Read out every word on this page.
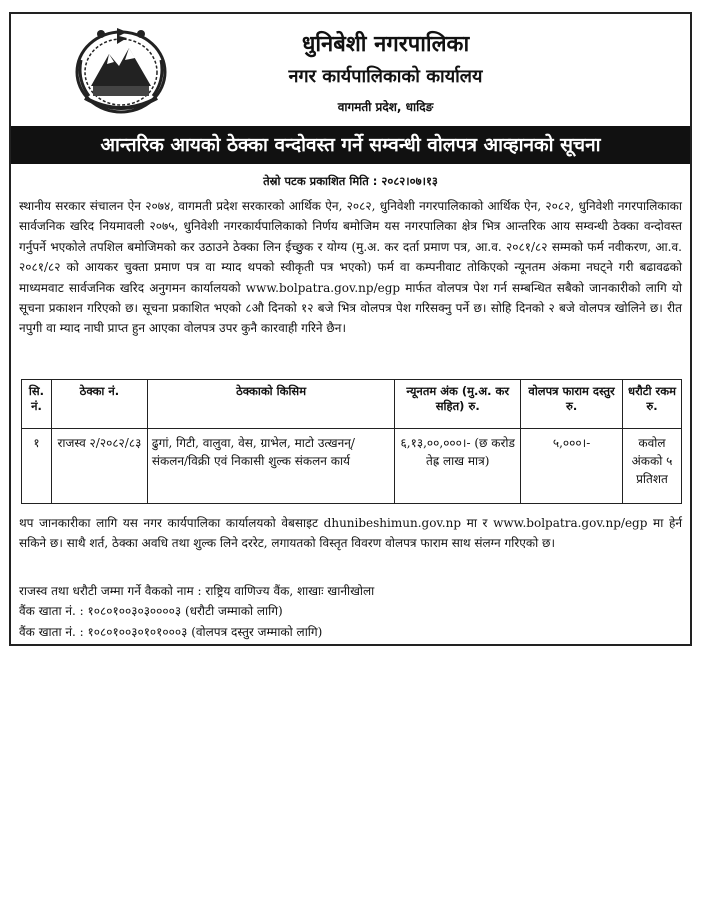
धुनिबेशी नगरपालिका
नगर कार्यपालिकाको कार्यालय
वागमती प्रदेश, धादिङ
आन्तरिक आयको ठेक्का वन्दोवस्त गर्ने सम्वन्धी वोलपत्र आव्हानको सूचना
तेस्रो पटक प्रकाशित मिति : २०८२।०७।१३
स्थानीय सरकार संचालन ऐन २०७४, वागमती प्रदेश सरकारको आर्थिक ऐन, २०८२, धुनिवेशी नगरपालिकाको आर्थिक ऐन, २०८२, धुनिवेशी नगरपालिकाका सार्वजनिक खरिद नियमावली २०७५, धुनिवेशी नगरकार्यपालिकाको निर्णय बमोजिम यस नगरपालिका क्षेत्र भित्र आन्तरिक आय सम्वन्धी ठेक्का वन्दोवस्त गर्नुपर्ने भएकोले तपशिल बमोजिमको कर उठाउने ठेक्का लिन ईच्छुक र योग्य (मु.अ. कर दर्ता प्रमाण पत्र, आ.व. २०८१/८२ सम्मको फर्म नवीकरण, आ.व. २०८१/८२ को आयकर चुक्ता प्रमाण पत्र वा म्याद थपको स्वीकृती पत्र भएको) फर्म वा कम्पनीवाट तोकिएको न्यूनतम अंकमा नघट्ने गरी बढावढको माध्यमवाट सार्वजनिक खरिद अनुगमन कार्यालयको www.bolpatra.gov.np/egp मार्फत वोलपत्र पेश गर्न सम्बन्धित सबैको जानकारीको लागि यो सूचना प्रकाशन गरिएको छ। सूचना प्रकाशित भएको ८औ दिनको १२ बजे भित्र वोलपत्र पेश गरिसक्नु पर्ने छ। सोहि दिनको २ बजे वोलपत्र खोलिने छ। रीत नपुगी वा म्याद नाघी प्राप्त हुन आएका वोलपत्र उपर कुनै कारवाही गरिने छैन।
सि. नं.	ठेक्का नं.	ठेक्काको किसिम	न्यूनतम अंक (मु.अ. कर सहित) रु.	वोलपत्र फाराम दस्तुर रु.	धरौटी रकम रु.
१	राजस्व २/२०८२/८३	ढुगां, गिटी, वालुवा, वेस, ग्राभेल, माटो उत्खनन्/संकलन/विक्री एवं निकासी शुल्क संकलन कार्य	६,१३,००,०००।- (छ करोड तेह्र लाख मात्र)	५,०००।-	कवोल अंकको ५ प्रतिशत
थप जानकारीका लागि यस नगर कार्यपालिका कार्यालयको वेबसाइट dhunibeshimun.gov.np मा र www.bolpatra.gov.np/egp मा हेर्न सकिने छ। साथै शर्त, ठेक्का अवधि तथा शुल्क लिने दररेट, लगायतको विस्तृत विवरण वोलपत्र फाराम साथ संलग्न गरिएको छ।
राजस्व तथा धरौटी जम्मा गर्ने वैकको नाम : राष्ट्रिय वाणिज्य वैंक, शाखाः खानीखोला
वैंक खाता नं. : १०८०१००३०३००००३ (धरौटी जम्माको लागि)
वैंक खाता नं. : १०८०१००३०१०१०००३ (वोलपत्र दस्तुर जम्माको लागि)
